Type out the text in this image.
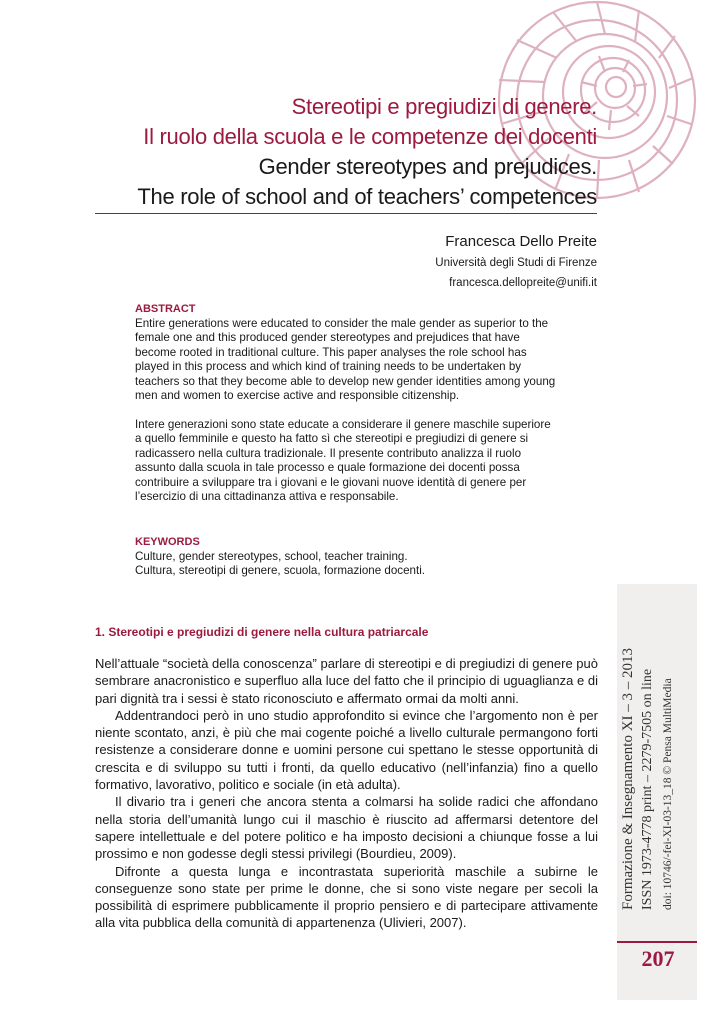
Stereotipi e pregiudizi di genere.
Il ruolo della scuola e le competenze dei docenti
Gender stereotypes and prejudices.
The role of school and of teachers’ competences
Francesca Dello Preite
Università degli Studi di Firenze
francesca.dellopreite@unifi.it
ABSTRACT

Entire generations were educated to consider the male gender as superior to the female one and this produced gender stereotypes and prejudices that have become rooted in traditional culture. This paper analyses the role school has played in this process and which kind of training needs to be undertaken by teachers so that they become able to develop new gender identities among young men and women to exercise active and responsible citizenship.

Intere generazioni sono state educate a considerare il genere maschile superiore a quello femminile e questo ha fatto sì che stereotipi e pregiudizi di genere si radicassero nella cultura tradizionale. Il presente contributo analizza il ruolo assunto dalla scuola in tale processo e quale formazione dei docenti possa contribuire a sviluppare tra i giovani e le giovani nuove identità di genere per l’esercizio di una cittadinanza attiva e responsabile.

KEYWORDS
Culture, gender stereotypes, school, teacher training.
Cultura, stereotipi di genere, scuola, formazione docenti.
1. Stereotipi e pregiudizi di genere nella cultura patriarcale

Nell’attuale “società della conoscenza” parlare di stereotipi e di pregiudizi di genere può sembrare anacronistico e superfluo alla luce del fatto che il principio di uguaglianza e di pari dignità tra i sessi è stato riconosciuto e affermato ormai da molti anni.

Addentrandoci però in uno studio approfondito si evince che l’argomento non è per niente scontato, anzi, è più che mai cogente poiché a livello culturale permangono forti resistenze a considerare donne e uomini persone cui spettano le stesse opportunità di crescita e di sviluppo su tutti i fronti, da quello educativo (nell’infanzia) fino a quello formativo, lavorativo, politico e sociale (in età adulta).

Il divario tra i generi che ancora stenta a colmarsi ha solide radici che affondano nella storia dell’umanità lungo cui il maschio è riuscito ad affermarsi detentore del sapere intellettuale e del potere politico e ha imposto decisioni a chiunque fosse a lui prossimo e non godesse degli stessi privilegi (Bourdieu, 2009).

Difronte a questa lunga e incontrastata superiorità maschile a subirne le conseguenze sono state per prime le donne, che si sono viste negare per secoli la possibilità di esprimere pubblicamente il proprio pensiero e di partecipare attivamente alla vita pubblica della comunità di appartenenza (Ulivieri, 2007).

Formazione & Insegnamento XI – 3 – 2013 ISSN 1973-4778 print – 2279-7505 on line doi: 10746/-fei-XI-03-13_18 © Pensa MultiMedia
207
